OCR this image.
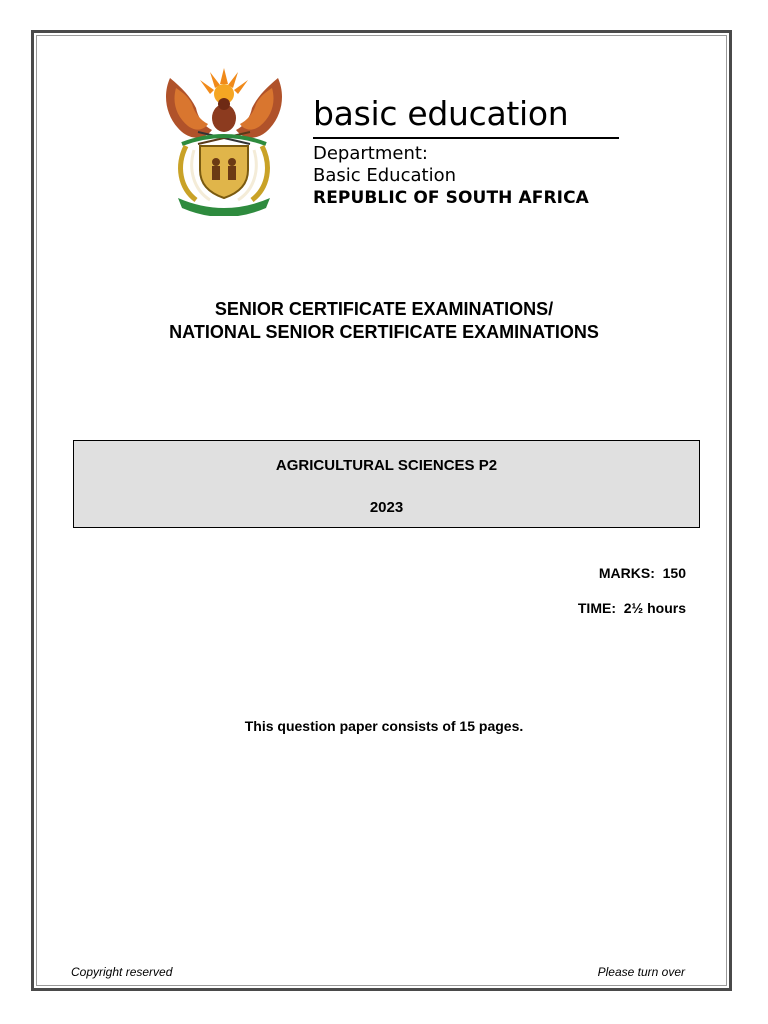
basic education
Department:
Basic Education
REPUBLIC OF SOUTH AFRICA
SENIOR CERTIFICATE EXAMINATIONS/
NATIONAL SENIOR CERTIFICATE EXAMINATIONS
AGRICULTURAL SCIENCES P2
2023
MARKS:  150
TIME:  2½ hours
This question paper consists of 15 pages.
Copyright reserved	Please turn over
